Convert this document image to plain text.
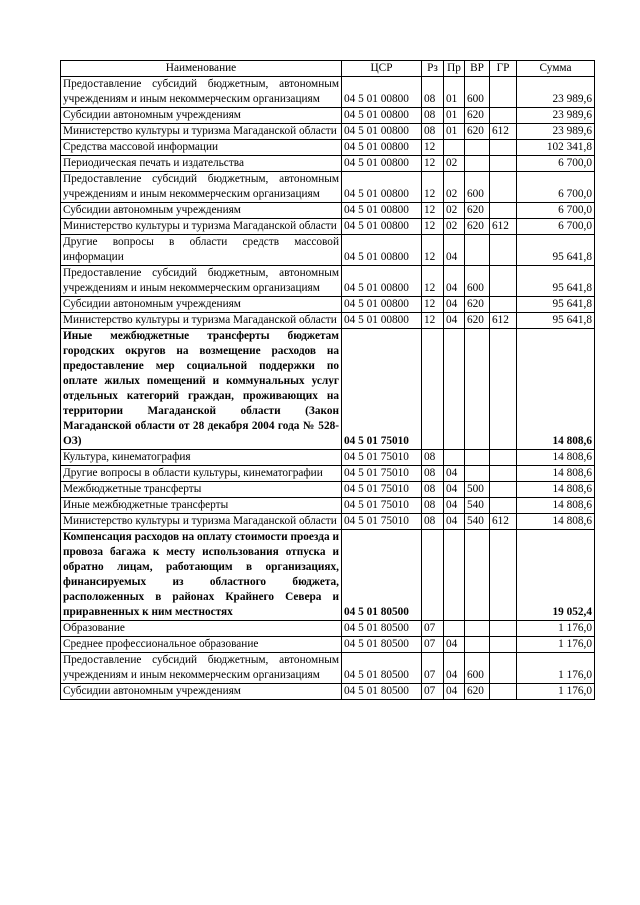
Наименование	ЦСР	Рз	Пр	ВР	ГР	Сумма
Предоставление субсидий бюджетным, автономным учреждениям и иным некоммерческим организациям	04 5 01 00800	08	01	600		23 989,6
Субсидии автономным учреждениям	04 5 01 00800	08	01	620		23 989,6
Министерство культуры и туризма Магаданской области	04 5 01 00800	08	01	620	612	23 989,6
Средства массовой информации	04 5 01 00800	12				102 341,8
Периодическая печать и издательства	04 5 01 00800	12	02			6 700,0
Предоставление субсидий бюджетным, автономным учреждениям и иным некоммерческим организациям	04 5 01 00800	12	02	600		6 700,0
Субсидии автономным учреждениям	04 5 01 00800	12	02	620		6 700,0
Министерство культуры и туризма Магаданской области	04 5 01 00800	12	02	620	612	6 700,0
Другие вопросы в области средств массовой информации	04 5 01 00800	12	04			95 641,8
Предоставление субсидий бюджетным, автономным учреждениям и иным некоммерческим организациям	04 5 01 00800	12	04	600		95 641,8
Субсидии автономным учреждениям	04 5 01 00800	12	04	620		95 641,8
Министерство культуры и туризма Магаданской области	04 5 01 00800	12	04	620	612	95 641,8
Иные межбюджетные трансферты бюджетам городских округов на возмещение расходов на предоставление мер социальной поддержки по оплате жилых помещений и коммунальных услуг отдельных категорий граждан, проживающих на территории Магаданской области (Закон Магаданской области от 28 декабря 2004 года № 528-ОЗ)	04 5 01 75010					14 808,6
Культура, кинематография	04 5 01 75010	08				14 808,6
Другие вопросы в области культуры, кинематографии	04 5 01 75010	08	04			14 808,6
Межбюджетные трансферты	04 5 01 75010	08	04	500		14 808,6
Иные межбюджетные трансферты	04 5 01 75010	08	04	540		14 808,6
Министерство культуры и туризма Магаданской области	04 5 01 75010	08	04	540	612	14 808,6
Компенсация расходов на оплату стоимости проезда и провоза багажа к месту использования отпуска и обратно лицам, работающим в организациях, финансируемых из областного бюджета, расположенных в районах Крайнего Севера и приравненных к ним местностях	04 5 01 80500					19 052,4
Образование	04 5 01 80500	07				1 176,0
Среднее профессиональное образование	04 5 01 80500	07	04			1 176,0
Предоставление субсидий бюджетным, автономным учреждениям и иным некоммерческим организациям	04 5 01 80500	07	04	600		1 176,0
Субсидии автономным учреждениям	04 5 01 80500	07	04	620		1 176,0
